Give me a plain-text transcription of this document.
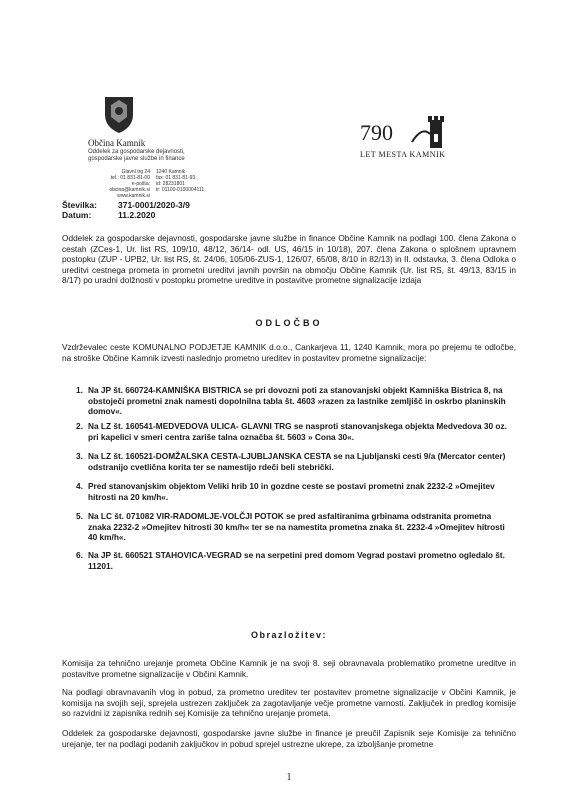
Občina Kamnik
Oddelek za gospodarske dejavnosti,
gospodarske javne službe in finance
Glavni trg 24
tel.: 01 831-81-00
e-pošta: obcina@kamnik.si
www.kamnik.si
1240 Kamnik
fax: 01 831-81-93
id: 28231801
tr: 01100-0100004111
790
LET MESTA KAMNIK
Številka: 371-0001/2020-3/9
Datum:	11.2.2020
Oddelek za gospodarske dejavnosti, gospodarske javne službe in finance Občine Kamnik na podlagi 100. člena Zakona o cestah (ZCes-1, Ur. list RS, 109/10, 48/12, 36/14- odl. US, 46/15 in 10/18), 207. člena Zakona o splošnem upravnem postopku (ZUP - UPB2, Ur. list RS, št. 24/06, 105/06-ZUS-1, 126/07, 65/08, 8/10 in 82/13) in II. odstavka, 3. člena Odloka o ureditvi cestnega prometa in prometni ureditvi javnih površin na območju Občine Kamnik (Ur. list RS, št. 49/13, 83/15 in 8/17) po uradni dolžnosti v postopku prometne ureditve in postavitve prometne signalizacije izdaja
ODLOČBO
Vzdrževalec ceste KOMUNALNO PODJETJE KAMNIK d.o.o., Cankarjeva 11, 1240 Kamnik, mora po prejemu te odločbe, na stroške Občine Kamnik izvesti naslednjo prometno ureditev in postavitev prometne signalizacije:
1. Na JP št. 660724-KAMNIŠKA BISTRICA se pri dovozni poti za stanovanjski objekt Kamniška Bistrica 8, na obstoječi prometni znak namesti dopolnilna tabla št. 4603 »razen za lastnike zemljišč in oskrbo planinskih domov«.
2. Na LZ št. 160541-MEDVEDOVA ULICA- GLAVNI TRG se nasproti stanovanjskega objekta Medvedova 30 oz. pri kapelici v smeri centra zariše talna označba št. 5603 » Cona 30«.
3. Na LZ št. 160521-DOMŽALSKA CESTA-LJUBLJANSKA CESTA se na Ljubljanski cesti 9/a (Mercator center) odstranijo cvetlična korita ter se namestijo rdeči beli stebrički.
4. Pred stanovanjskim objektom Veliki hrib 10 in gozdne ceste se postavi prometni znak 2232-2 »Omejitev hitrosti na 20 km/h«.
5. Na LC št. 071082 VIR-RADOMLJE-VOLČJI POTOK se pred asfaltiranima grbinama odstranita prometna znaka 2232-2 »Omejitev hitrosti 30 km/h« ter se na namestita prometna znaka št. 2232-4 »Omejitev hitrosti 40 km/h«.
6. Na JP št. 660521 STAHOVICA-VEGRAD se na serpetini pred domom Vegrad postavi prometno ogledalo št. 11201.
Obrazložitev:
Komisija za tehnično urejanje prometa Občine Kamnik je na svoji 8. seji obravnavala problematiko prometne ureditve in postavitve prometne signalizacije v Občini Kamnik.
Na podlagi obravnavanih vlog in pobud, za prometno ureditev ter postavitev prometne signalizacije v Občini Kamnik, je komisija na svojih seji, sprejela ustrezen zaključek za zagotavljanje večje prometne varnosti. Zaključek in predlog komisije so razvidni iz zapisnika rednih sej Komisije za tehnično urejanje prometa.
Oddelek za gospodarske dejavnosti, gospodarske javne službe in finance je preučil Zapisnik seje Komisije za tehnično urejanje, ter na podlagi podanih zaključkov in pobud sprejel ustrezne ukrepe, za izboljšanje prometne
1
